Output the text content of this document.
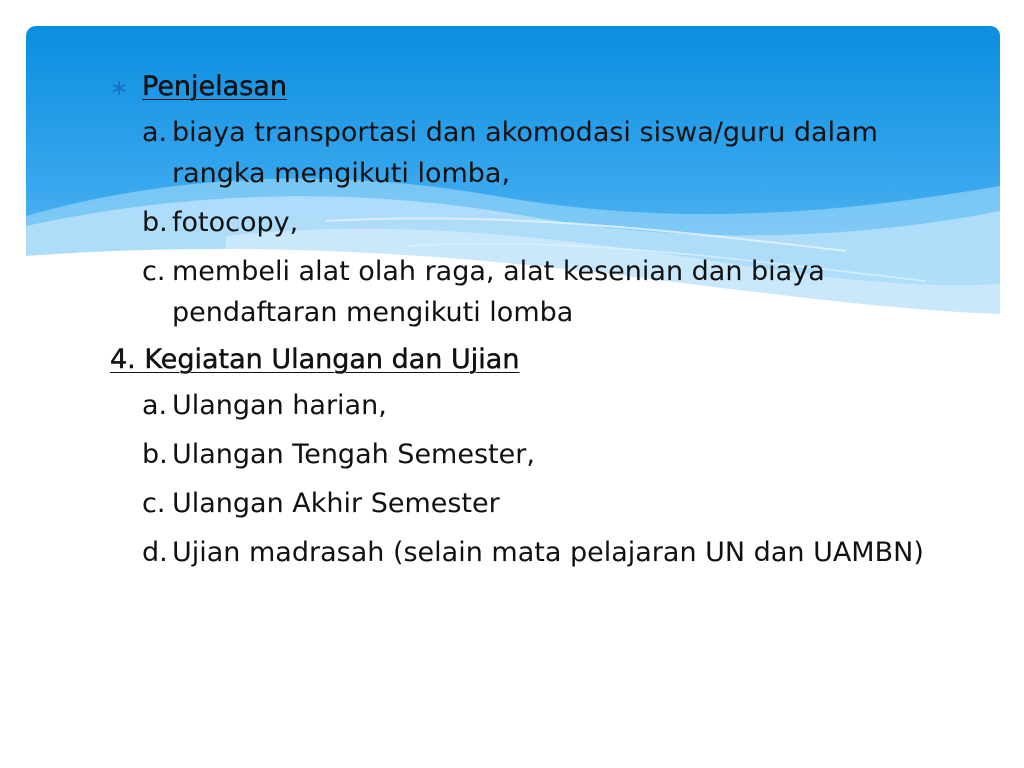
∗ Penjelasan
a. biaya transportasi dan akomodasi siswa/guru dalam rangka mengikuti lomba,
b. fotocopy,
c. membeli alat olah raga, alat kesenian dan biaya pendaftaran mengikuti lomba
4. Kegiatan Ulangan dan Ujian
a. Ulangan harian,
b. Ulangan Tengah Semester,
c. Ulangan Akhir Semester
d. Ujian madrasah (selain mata pelajaran UN dan UAMBN)
